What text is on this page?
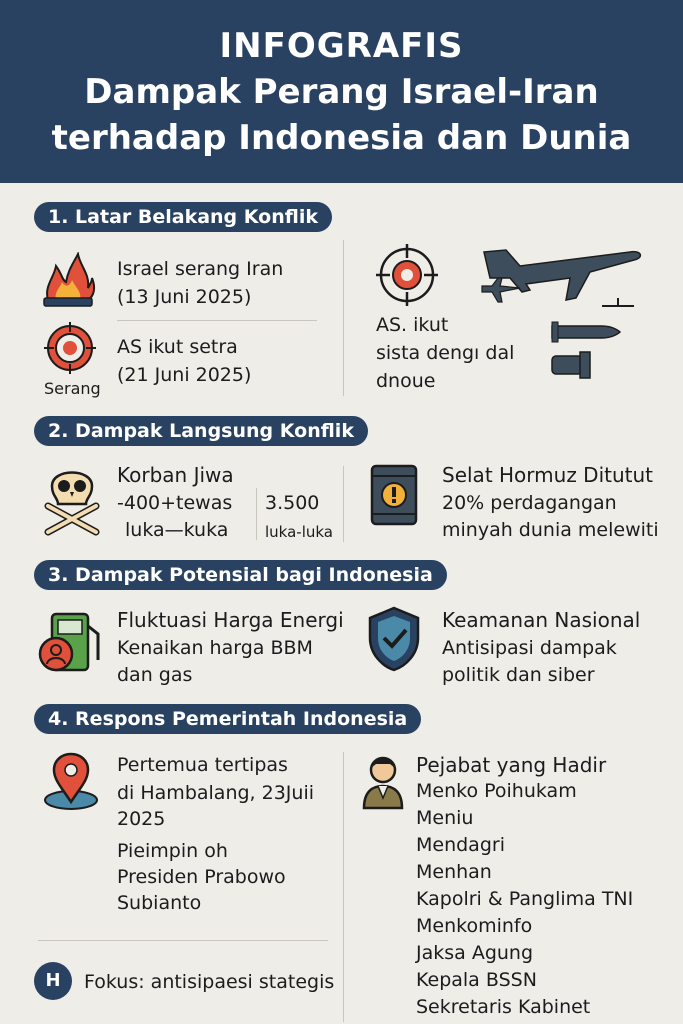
INFOGRAFIS
Dampak Perang Israel-Iran
terhadap Indonesia dan Dunia
1. Latar Belakang Konflik
Israel serang Iran
(13 Juni 2025)
Serang
AS ikut setra
(21 Juni 2025)
AS. ikut
sista dengı dal
dnoue
2. Dampak Langsung Konflik
Korban Jiwa
-400+tewas
luka—kuka
3.500
luka-luka
Selat Hormuz Ditutut
20% perdagangan
minyah dunia melewiti
3. Dampak Potensial bagi Indonesia
Fluktuasi Harga Energi
Kenaikan harga BBM
dan gas
Keamanan Nasional
Antisipasi dampak
politik dan siber
4. Respons Pemerintah Indonesia
Pertemua tertipas
di Hambalang, 23Juii
2025
Pieimpin oh
Presiden Prabowo
Subianto
H	Fokus: antisipaesi stategis
Pejabat yang Hadir
Menko Poihukam
Meniu
Mendagri
Menhan
Kapolri & Panglima TNI
Menkominfo
Jaksa Agung
Kepala BSSN
Sekretaris Kabinet
